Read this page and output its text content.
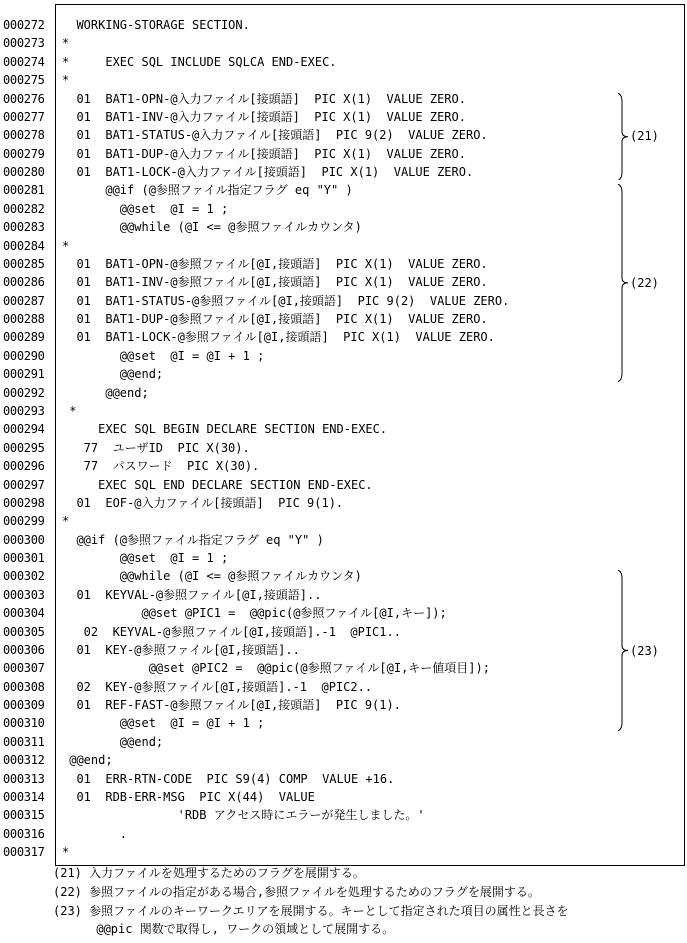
000272	WORKING-STORAGE SECTION.
000273	*
000274	*     EXEC SQL INCLUDE SQLCA END-EXEC.
000275	*
000276	01  BAT1-OPN-@入力ファイル[接頭語]  PIC X(1)  VALUE ZERO.
000277	01  BAT1-INV-@入力ファイル[接頭語]  PIC X(1)  VALUE ZERO.
000278	01  BAT1-STATUS-@入力ファイル[接頭語]  PIC 9(2)  VALUE ZERO.
000279	01  BAT1-DUP-@入力ファイル[接頭語]  PIC X(1)  VALUE ZERO.
000280	01  BAT1-LOCK-@入力ファイル[接頭語]  PIC X(1)  VALUE ZERO.
000281	@@if (@参照ファイル指定フラグ eq "Y" )
000282	@@set  @I = 1 ;
000283	@@while (@I <= @参照ファイルカウンタ)
000284	*
000285	01  BAT1-OPN-@参照ファイル[@I,接頭語]  PIC X(1)  VALUE ZERO.
000286	01  BAT1-INV-@参照ファイル[@I,接頭語]  PIC X(1)  VALUE ZERO.
000287	01  BAT1-STATUS-@参照ファイル[@I,接頭語]  PIC 9(2)  VALUE ZERO.
000288	01  BAT1-DUP-@参照ファイル[@I,接頭語]  PIC X(1)  VALUE ZERO.
000289	01  BAT1-LOCK-@参照ファイル[@I,接頭語]  PIC X(1)  VALUE ZERO.
000290	@@set  @I = @I + 1 ;
000291	@@end;
000292	@@end;
000293	*
000294	EXEC SQL BEGIN DECLARE SECTION END-EXEC.
000295	77  ユーザID  PIC X(30).
000296	77  パスワード  PIC X(30).
000297	EXEC SQL END DECLARE SECTION END-EXEC.
000298	01  EOF-@入力ファイル[接頭語]  PIC 9(1).
000299	*
000300	@@if (@参照ファイル指定フラグ eq "Y" )
000301	@@set  @I = 1 ;
000302	@@while (@I <= @参照ファイルカウンタ)
000303	01  KEYVAL-@参照ファイル[@I,接頭語]..
000304	@@set @PIC1 =  @@pic(@参照ファイル[@I,キー]);
000305	02  KEYVAL-@参照ファイル[@I,接頭語].-1  @PIC1..
000306	01  KEY-@参照ファイル[@I,接頭語]..
000307	@@set @PIC2 =  @@pic(@参照ファイル[@I,キー値項目]);
000308	02  KEY-@参照ファイル[@I,接頭語].-1  @PIC2..
000309	01  REF-FAST-@参照ファイル[@I,接頭語]  PIC 9(1).
000310	@@set  @I = @I + 1 ;
000311	@@end;
000312	@@end;
000313	01  ERR-RTN-CODE  PIC S9(4) COMP  VALUE +16.
000314	01  RDB-ERR-MSG  PIC X(44)  VALUE
000315	'RDB アクセス時にエラーが発生しました。'
000316	.
000317	*
(21)
(22)
(23)
(21) 入力ファイルを処理するためのフラグを展開する。
(22) 参照ファイルの指定がある場合,参照ファイルを処理するためのフラグを展開する。
(23) 参照ファイルのキーワークエリアを展開する。キーとして指定された項目の属性と長さを
@@pic 関数で取得し, ワークの領域として展開する。
